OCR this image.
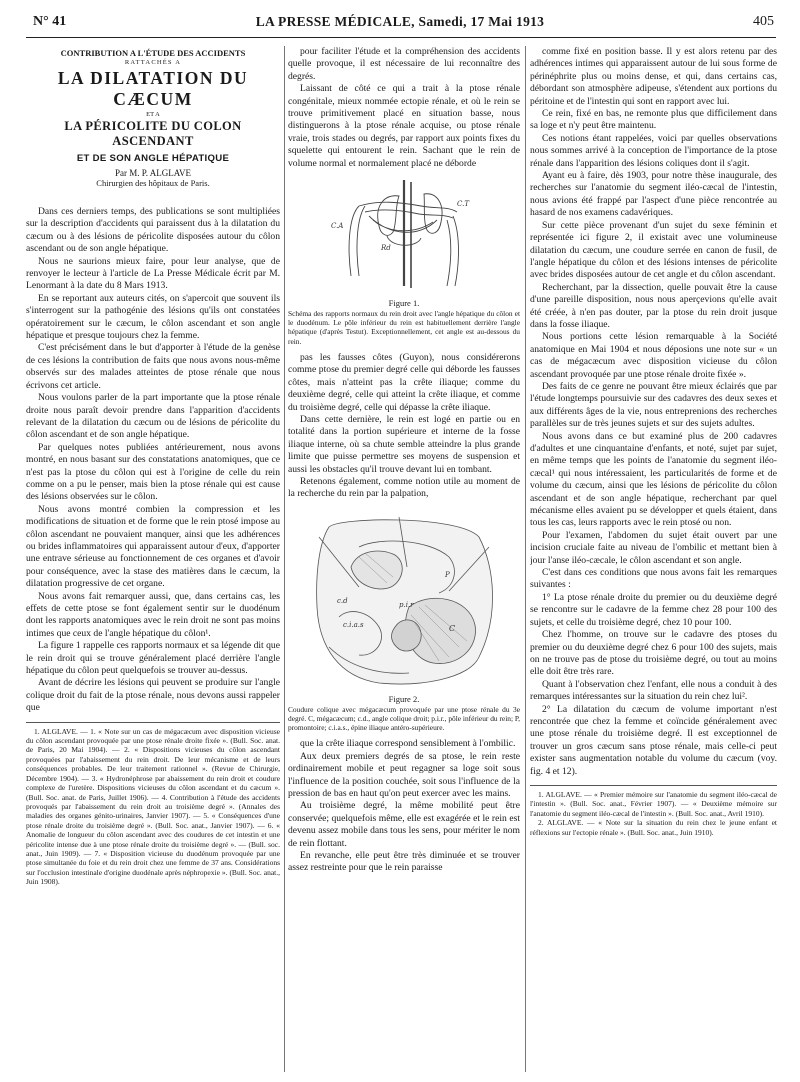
N° 41	LA PRESSE MÉDICALE, Samedi, 17 Mai 1913	405
CONTRIBUTION A L'ÉTUDE DES ACCIDENTS
RATTACHÉS A
LA DILATATION DU CÆCUM
ET A
LA PÉRICOLITE DU COLON ASCENDANT
ET DE SON ANGLE HÉPATIQUE
Par M. P. ALGLAVE
Chirurgien des hôpitaux de Paris.

Dans ces derniers temps, des publications se sont multipliées sur la description d'accidents qui paraissent dus à la dilatation du cæcum ou à des lésions de péricolite disposées autour du côlon ascendant ou de son angle hépatique.

Nous ne saurions mieux faire, pour leur analyse, que de renvoyer le lecteur à l'article de La Presse Médicale écrit par M. Lenormant à la date du 8 Mars 1913.

En se reportant aux auteurs cités, on s'apercoit que souvent ils s'interrogent sur la pathogénie des lésions qu'ils ont constatées opératoirement sur le cæcum, le côlon ascendant et son angle hépatique et presque toujours chez la femme.

C'est précisément dans le but d'apporter à l'étude de la genèse de ces lésions la contribution de faits que nous avons nous-même observés sur des malades atteintes de ptose rénale que nous écrivons cet article.

Nous voulons parler de la part importante que la ptose rénale droite nous paraît devoir prendre dans l'apparition d'accidents relevant de la dilatation du cæcum ou de lésions de péricolite du côlon ascendant et de son angle hépatique.

Par quelques notes publiées antérieurement, nous avons montré, en nous basant sur des constatations anatomiques, que ce n'est pas la ptose du côlon qui est à l'origine de celle du rein comme on a pu le penser, mais bien la ptose rénale qui est cause des lésions observées sur le côlon.

Nous avons montré combien la compression et les modifications de situation et de forme que le rein ptosé impose au côlon ascendant ne pouvaient manquer, ainsi que les adhérences ou brides inflammatoires qui apparaissent autour d'eux, d'apporter une entrave sérieuse au fonctionnement de ces organes et d'avoir pour conséquence, avec la stase des matières dans le cæcum, la dilatation progressive de cet organe.

Nous avons fait remarquer aussi, que, dans certains cas, les effets de cette ptose se font également sentir sur le duodénum dont les rapports anatomiques avec le rein droit ne sont pas moins intimes que ceux de l'angle hépatique du côlon¹.

La figure 1 rappelle ces rapports normaux et sa légende dit que le rein droit qui se trouve généralement placé derrière l'angle hépatique du côlon peut quelquefois se trouver au-dessus.

Avant de décrire les lésions qui peuvent se produire sur l'angle colique droit du fait de la ptose rénale, nous devons aussi rappeler que

1. ALGLAVE. — 1. « Note sur un cas de mégacæcum avec disposition vicieuse du côlon ascendant provoquée par une ptose rénale droite fixée ». (Bull. Soc. anat. de Paris, 20 Mai 1904). — 2. « Dispositions vicieuses du côlon ascendant provoquées par l'abaissement du rein droit. De leur mécanisme et de leurs conséquences probables. De leur traitement rationnel ». (Revue de Chirurgie, Décembre 1904). — 3. « Hydronéphrose par abaissement du rein droit et coudure complexe de l'uretère. Dispositions vicieuses du côlon ascendant et du cæcum ». (Bull. Soc. anat. de Paris, Juillet 1906). — 4. Contribution à l'étude des accidents provoqués par l'abaissement du rein droit au troisième degré ». (Annales des maladies des organes génito-urinaires, Janvier 1907). — 5. « Conséquences d'une ptose rénale droite du troisième degré ». (Bull. Soc. anat., Janvier 1907). — 6. « Anomalie de longueur du côlon ascendant avec des coudures de cet intestin et une péricolite intense due à une ptose rénale droite du troisième degré ». — (Bull. soc. anat., Juin 1909). — 7. « Disposition vicieuse du duodénum provoquée par une ptose simultanée du foie et du rein droit chez une femme de 37 ans. Considérations sur l'occlusion intestinale d'origine duodénale après néphropexie ». (Bull. Soc. anat., Juin 1908).

pour faciliter l'étude et la compréhension des accidents quelle provoque, il est nécessaire de lui reconnaître des degrés.

Laissant de côté ce qui a trait à la ptose rénale congénitale, mieux nommée ectopie rénale, et où le rein se trouve primitivement placé en situation basse, nous distinguerons à la ptose rénale acquise, ou ptose rénale vraie, trois stades ou degrés, par rapport aux points fixes du squelette qui entourent le rein. Sachant que le rein de volume normal et normalement placé ne déborde

C.A
C.T
Rd
Figure 1.
Schéma des rapports normaux du rein droit avec l'angle hépatique du côlon et le duodénum. Le pôle inférieur du rein est habituellement derrière l'angle hépatique (d'après Testut). Exceptionnellement, cet angle est au-dessous du rein.

pas les fausses côtes (Guyon), nous considérerons comme ptose du premier degré celle qui déborde les fausses côtes, mais n'atteint pas la crête iliaque; comme du deuxième degré, celle qui atteint la crête iliaque, et comme du troisième degré, celle qui dépasse la crête iliaque.

Dans cette dernière, le rein est logé en partie ou en totalité dans la portion supérieure et interne de la fosse iliaque interne, où sa chute semble atteindre la plus grande limite que puisse permettre ses moyens de suspension et aussi les obstacles qu'il trouve devant lui en tombant.

Retenons également, comme notion utile au moment de la recherche du rein par la palpation,

c.d
P
p.i.r
C
c.i.a.s
Figure 2.
Coudure colique avec mégacæcum provoquée par une ptose rénale du 3e degré. C, mégacæcum; c.d., angle colique droit; p.i.r., pôle inférieur du rein; P, promontoire; c.i.a.s., épine iliaque antéro-supérieure.

que la crête iliaque correspond sensiblement à l'ombilic.

Aux deux premiers degrés de sa ptose, le rein reste ordinairement mobile et peut regagner sa loge soit sous l'influence de la position couchée, soit sous l'influence de la pression de bas en haut qu'on peut exercer avec les mains.

Au troisième degré, la même mobilité peut être conservée; quelquefois même, elle est exagérée et le rein est devenu assez mobile dans tous les sens, pour mériter le nom de rein flottant.

En revanche, elle peut être très diminuée et se trouver assez restreinte pour que le rein paraisse

comme fixé en position basse. Il y est alors retenu par des adhérences intimes qui apparaissent autour de lui sous forme de périnéphrite plus ou moins dense, et qui, dans certains cas, débordant son atmosphère adipeuse, s'étendent aux portions du péritoine et de l'intestin qui sont en rapport avec lui.

Ce rein, fixé en bas, ne remonte plus que difficilement dans sa loge et n'y peut être maintenu.

Ces notions étant rappelées, voici par quelles observations nous sommes arrivé à la conception de l'importance de la ptose rénale dans l'apparition des lésions coliques dont il s'agit.

Ayant eu à faire, dès 1903, pour notre thèse inaugurale, des recherches sur l'anatomie du segment iléo-cæcal de l'intestin, nous avions été frappé par l'aspect d'une pièce rencontrée au hasard de nos examens cadavériques.

Sur cette pièce provenant d'un sujet du sexe féminin et représentée ici figure 2, il existait avec une volumineuse dilatation du cæcum, une coudure serrée en canon de fusil, de l'angle hépatique du côlon et des lésions intenses de péricolite avec brides disposées autour de cet angle et du côlon ascendant.

Recherchant, par la dissection, quelle pouvait être la cause d'une pareille disposition, nous nous aperçevions qu'elle avait été créée, à n'en pas douter, par la ptose du rein droit jusque dans la fosse iliaque.

Nous portions cette lésion remarquable à la Société anatomique en Mai 1904 et nous déposions une note sur « un cas de mégacæcum avec disposition vicieuse du côlon ascendant provoquée par une ptose rénale droite fixée ».

Des faits de ce genre ne pouvant être mieux éclairés que par l'étude longtemps poursuivie sur des cadavres des deux sexes et aux différents âges de la vie, nous entreprenions des recherches parallèles sur de très jeunes sujets et sur des sujets adultes.

Nous avons dans ce but examiné plus de 200 cadavres d'adultes et une cinquantaine d'enfants, et noté, sujet par sujet, en même temps que les points de l'anatomie du segment iléo-cæcal¹ qui nous intéressaient, les particularités de forme et de volume du cæcum, ainsi que les lésions de péricolite du côlon ascendant et de son angle hépatique, recherchant par quel mécanisme elles avaient pu se développer et quels étaient, dans tous les cas, leurs rapports avec le rein ptosé ou non.

Pour l'examen, l'abdomen du sujet était ouvert par une incision cruciale faite au niveau de l'ombilic et mettant bien à jour l'anse iléo-cæcale, le côlon ascendant et son angle.

C'est dans ces conditions que nous avons fait les remarques suivantes :

1° La ptose rénale droite du premier ou du deuxième degré se rencontre sur le cadavre de la femme chez 28 pour 100 des sujets, et celle du troisième degré, chez 10 pour 100.

Chez l'homme, on trouve sur le cadavre des ptoses du premier ou du deuxième degré chez 6 pour 100 des sujets, mais on ne trouve pas de ptose du troisième degré, ou tout au moins elle doit être très rare.

Quant à l'observation chez l'enfant, elle nous a conduit à des remarques intéressantes sur la situation du rein chez lui².

2° La dilatation du cæcum de volume important n'est rencontrée que chez la femme et coïncide généralement avec une ptose rénale du troisième degré. Il est exceptionnel de trouver un gros cæcum sans ptose rénale, mais celle-ci peut exister sans augmentation notable du volume du cæcum (voy. fig. 4 et 12).

1. ALGLAVE. — « Premier mémoire sur l'anatomie du segment iléo-cæcal de l'intestin ». (Bull. Soc. anat., Février 1907). — « Deuxième mémoire sur l'anatomie du segment iléo-cæcal de l'intestin ». (Bull. Soc. anat., Avril 1910).

2. ALGLAVE. — « Note sur la situation du rein chez le jeune enfant et réflexions sur l'ectopie rénale ». (Bull. Soc. anat., Juin 1910).
